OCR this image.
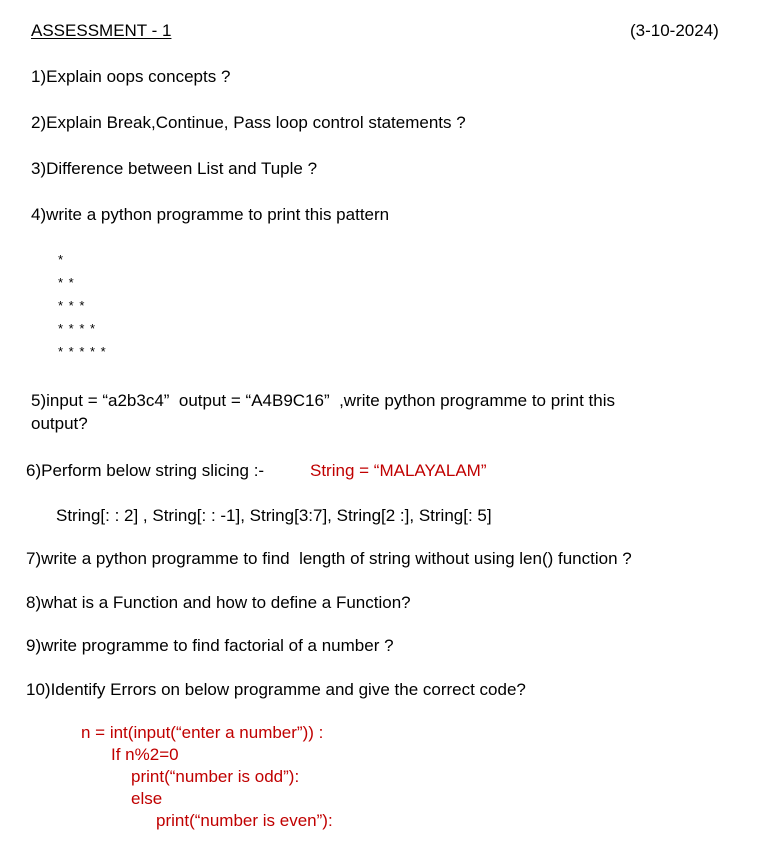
ASSESSMENT - 1	(3-10-2024)
1)Explain oops concepts ?
2)Explain Break,Continue, Pass loop control statements ?
3)Difference between List and Tuple ?
4)write a python programme to print this pattern
*
* *
* * *
* * * *
* * * * *
5)input = “a2b3c4”  output = “A4B9C16”  ,write python programme to print this
output?
6)Perform below string slicing :-	String = “MALAYALAM”
String[: : 2] , String[: : -1], String[3:7], String[2 :], String[: 5]
7)write a python programme to find  length of string without using len() function ?
8)what is a Function and how to define a Function?
9)write programme to find factorial of a number ?
10)Identify Errors on below programme and give the correct code?
n = int(input(“enter a number”)) :
If n%2=0
print(“number is odd”):
else
print(“number is even”):
